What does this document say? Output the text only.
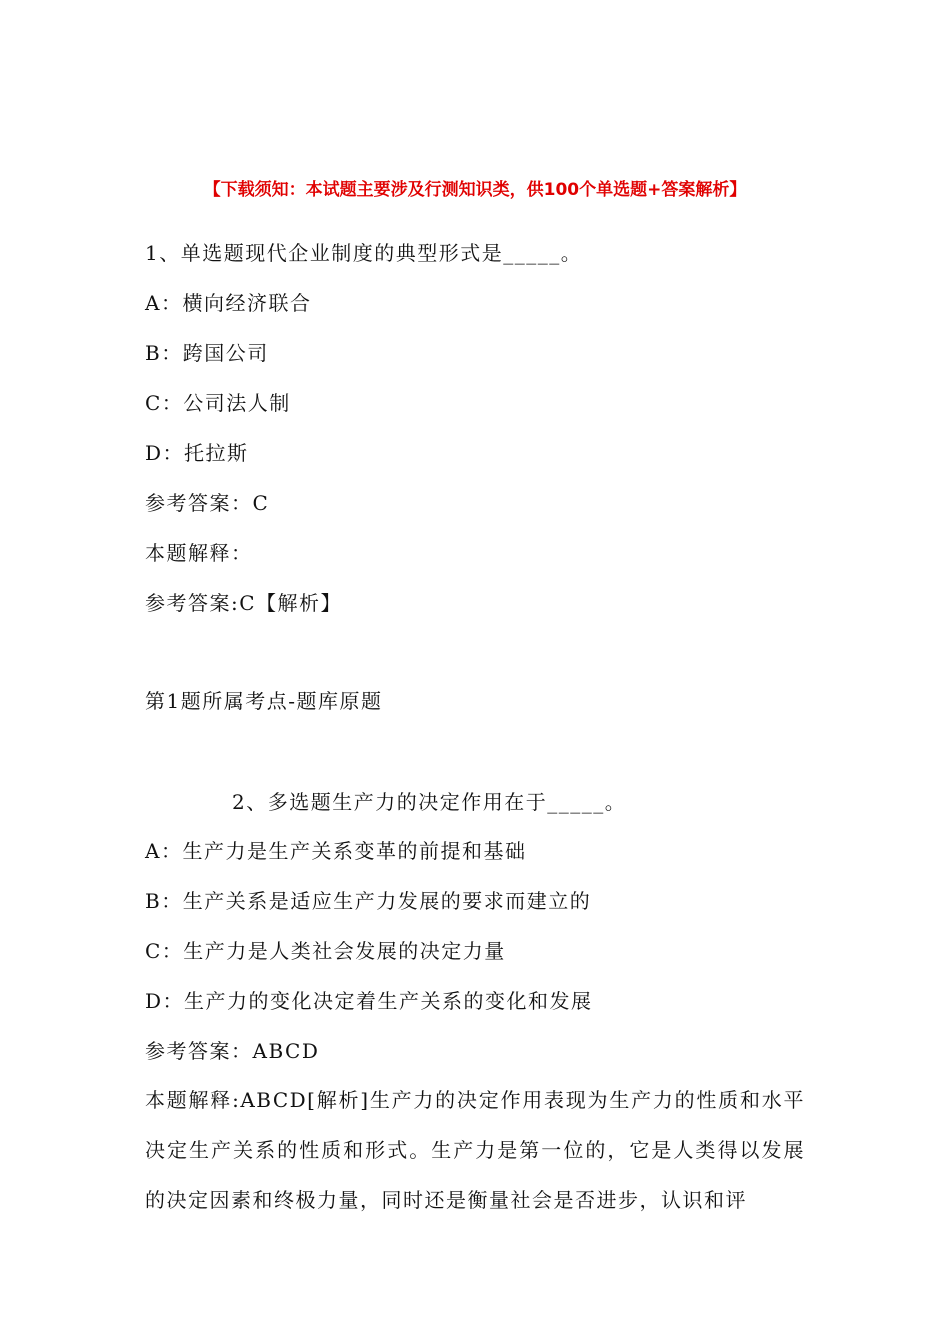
【下载须知：本试题主要涉及行测知识类，供100个单选题+答案解析】
1、单选题现代企业制度的典型形式是_____。
A：横向经济联合
B：跨国公司
C：公司法人制
D：托拉斯
参考答案：C
本题解释：
参考答案:C【解析】
第1题所属考点-题库原题
2、多选题生产力的决定作用在于_____。
A：生产力是生产关系变革的前提和基础
B：生产关系是适应生产力发展的要求而建立的
C：生产力是人类社会发展的决定力量
D：生产力的变化决定着生产关系的变化和发展
参考答案：ABCD
本题解释:ABCD[解析]生产力的决定作用表现为生产力的性质和水平决定生产关系的性质和形式。生产力是第一位的，它是人类得以发展的决定因素和终极力量，同时还是衡量社会是否进步，认识和评
